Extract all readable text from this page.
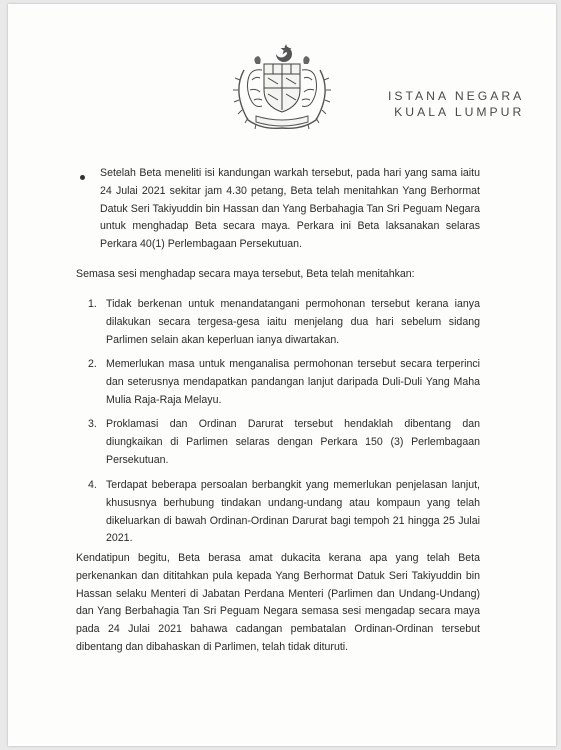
ISTANA NEGARA
KUALA LUMPUR
Setelah Beta meneliti isi kandungan warkah tersebut, pada hari yang sama iaitu 24 Julai 2021 sekitar jam 4.30 petang, Beta telah menitahkan Yang Berhormat Datuk Seri Takiyuddin bin Hassan dan Yang Berbahagia Tan Sri Peguam Negara untuk menghadap Beta secara maya. Perkara ini Beta laksanakan selaras Perkara 40(1) Perlembagaan Persekutuan.
Semasa sesi menghadap secara maya tersebut, Beta telah menitahkan:
1. Tidak berkenan untuk menandatangani permohonan tersebut kerana ianya dilakukan secara tergesa-gesa iaitu menjelang dua hari sebelum sidang Parlimen selain akan keperluan ianya diwartakan.
2. Memerlukan masa untuk menganalisa permohonan tersebut secara terperinci dan seterusnya mendapatkan pandangan lanjut daripada Duli-Duli Yang Maha Mulia Raja-Raja Melayu.
3. Proklamasi dan Ordinan Darurat tersebut hendaklah dibentang dan diungkaikan di Parlimen selaras dengan Perkara 150 (3) Perlembagaan Persekutuan.
4. Terdapat beberapa persoalan berbangkit yang memerlukan penjelasan lanjut, khususnya berhubung tindakan undang-undang atau kompaun yang telah dikeluarkan di bawah Ordinan-Ordinan Darurat bagi tempoh 21 hingga 25 Julai 2021.
Kendatipun begitu, Beta berasa amat dukacita kerana apa yang telah Beta perkenankan dan dititahkan pula kepada Yang Berhormat Datuk Seri Takiyuddin bin Hassan selaku Menteri di Jabatan Perdana Menteri (Parlimen dan Undang-Undang) dan Yang Berbahagia Tan Sri Peguam Negara semasa sesi mengadap secara maya pada 24 Julai 2021 bahawa cadangan pembatalan Ordinan-Ordinan tersebut dibentang dan dibahaskan di Parlimen, telah tidak dituruti.
